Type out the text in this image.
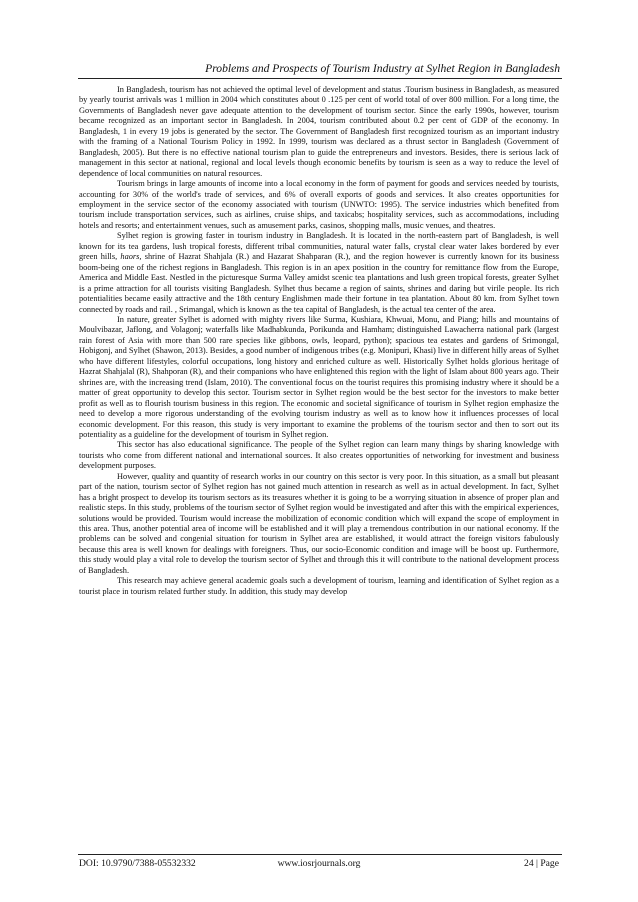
Problems and Prospects of Tourism Industry at Sylhet Region in Bangladesh

In Bangladesh, tourism has not achieved the optimal level of development and status .Tourism business in Bangladesh, as measured by yearly tourist arrivals was 1 million in 2004 which constitutes about 0 .125 per cent of world total of over 800 million. For a long time, the Governments of Bangladesh never gave adequate attention to the development of tourism sector. Since the early 1990s, however, tourism became recognized as an important sector in Bangladesh. In 2004, tourism contributed about 0.2 per cent of GDP of the economy. In Bangladesh, 1 in every 19 jobs is generated by the sector. The Government of Bangladesh first recognized tourism as an important industry with the framing of a National Tourism Policy in 1992. In 1999, tourism was declared as a thrust sector in Bangladesh (Government of Bangladesh, 2005). But there is no effective national tourism plan to guide the entrepreneurs and investors. Besides, there is serious lack of management in this sector at national, regional and local levels though economic benefits by tourism is seen as a way to reduce the level of dependence of local communities on natural resources.

Tourism brings in large amounts of income into a local economy in the form of payment for goods and services needed by tourists, accounting for 30% of the world's trade of services, and 6% of overall exports of goods and services. It also creates opportunities for employment in the service sector of the economy associated with tourism (UNWTO: 1995). The service industries which benefited from tourism include transportation services, such as airlines, cruise ships, and taxicabs; hospitality services, such as accommodations, including hotels and resorts; and entertainment venues, such as amusement parks, casinos, shopping malls, music venues, and theatres.

Sylhet region is growing faster in tourism industry in Bangladesh. It is located in the north-eastern part of Bangladesh, is well known for its tea gardens, lush tropical forests, different tribal communities, natural water falls, crystal clear water lakes bordered by ever green hills, haors, shrine of Hazrat Shahjala (R.) and Hazarat Shahparan (R.), and the region however is currently known for its business boom-being one of the richest regions in Bangladesh. This region is in an apex position in the country for remittance flow from the Europe, America and Middle East. Nestled in the picturesque Surma Valley amidst scenic tea plantations and lush green tropical forests, greater Sylhet is a prime attraction for all tourists visiting Bangladesh. Sylhet thus became a region of saints, shrines and daring but virile people. Its rich potentialities became easily attractive and the 18th century Englishmen made their fortune in tea plantation. About 80 km. from Sylhet town connected by roads and rail. , Srimangal, which is known as the tea capital of Bangladesh, is the actual tea center of the area.

In nature, greater Sylhet is adorned with mighty rivers like Surma, Kushiara, Khwuai, Monu, and Piang; hills and mountains of Moulvibazar, Jaflong, and Volagonj; waterfalls like Madhabkunda, Porikunda and Hamham; distinguished Lawacherra national park (largest rain forest of Asia with more than 500 rare species like gibbons, owls, leopard, python); spacious tea estates and gardens of Srimongal, Hobigonj, and Sylhet (Shawon, 2013). Besides, a good number of indigenous tribes (e.g. Monipuri, Khasi) live in different hilly areas of Sylhet who have different lifestyles, colorful occupations, long history and enriched culture as well. Historically Sylhet holds glorious heritage of Hazrat Shahjalal (R), Shahporan (R), and their companions who have enlightened this region with the light of Islam about 800 years ago. Their shrines are, with the increasing trend (Islam, 2010). The conventional focus on the tourist requires this promising industry where it should be a matter of great opportunity to develop this sector. Tourism sector in Sylhet region would be the best sector for the investors to make better profit as well as to flourish tourism business in this region. The economic and societal significance of tourism in Sylhet region emphasize the need to develop a more rigorous understanding of the evolving tourism industry as well as to know how it influences processes of local economic development. For this reason, this study is very important to examine the problems of the tourism sector and then to sort out its potentiality as a guideline for the development of tourism in Sylhet region.

This sector has also educational significance. The people of the Sylhet region can learn many things by sharing knowledge with tourists who come from different national and international sources. It also creates opportunities of networking for investment and business development purposes.

However, quality and quantity of research works in our country on this sector is very poor. In this situation, as a small but pleasant part of the nation, tourism sector of Sylhet region has not gained much attention in research as well as in actual development. In fact, Sylhet has a bright prospect to develop its tourism sectors as its treasures whether it is going to be a worrying situation in absence of proper plan and realistic steps. In this study, problems of the tourism sector of Sylhet region would be investigated and after this with the empirical experiences, solutions would be provided. Tourism would increase the mobilization of economic condition which will expand the scope of employment in this area. Thus, another potential area of income will be established and it will play a tremendous contribution in our national economy. If the problems can be solved and congenial situation for tourism in Sylhet area are established, it would attract the foreign visitors fabulously because this area is well known for dealings with foreigners. Thus, our socio-Economic condition and image will be boost up. Furthermore, this study would play a vital role to develop the tourism sector of Sylhet and through this it will contribute to the national development process of Bangladesh.

This research may achieve general academic goals such a development of tourism, learning and identification of Sylhet region as a tourist place in tourism related further study. In addition, this study may develop

DOI: 10.9790/7388-05532332	www.iosrjournals.org	24 | Page
